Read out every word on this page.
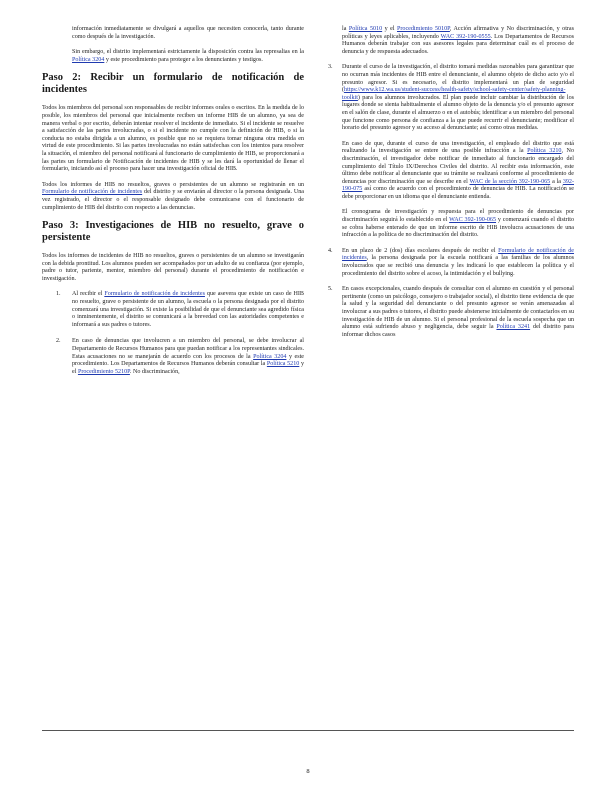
información inmediatamente se divulgará a aquellos que necesiten conocerla, tanto durante como después de la investigación.

Sin embargo, el distrito implementará estrictamente la disposición contra las represalias en la Política 3204 y este procedimiento para proteger a los denunciantes y testigos.

Paso 2: Recibir un formulario de notificación de incidentes

Todos los miembros del personal son responsables de recibir informes orales o escritos. En la medida de lo posible, los miembros del personal que inicialmente reciben un informe HIB de un alumno, ya sea de manera verbal o por escrito, deberán intentar resolver el incidente de inmediato. Si el incidente se resuelve a satisfacción de las partes involucradas, o si el incidente no cumple con la definición de HIB, o si la conducta no estaba dirigida a un alumno, es posible que no se requiera tomar ninguna otra medida en virtud de este procedimiento. Si las partes involucradas no están satisfechas con los intentos para resolver la situación, el miembro del personal notificará al funcionario de cumplimiento de HIB, se proporcionará a las partes un formulario de Notificación de incidentes de HIB y se les dará la oportunidad de llenar el formulario, iniciando así el proceso para hacer una investigación oficial de HIB.

Todos los informes de HIB no resueltos, graves o persistentes de un alumno se registrarán en un Formulario de notificación de incidentes del distrito y se enviarán al director o la persona designada. Una vez registrado, el director o el responsable designado debe comunicarse con el funcionario de cumplimiento de HIB del distrito con respecto a las denuncias.

Paso 3: Investigaciones de HIB no resuelto, grave o persistente

Todos los informes de incidentes de HIB no resueltos, graves o persistentes de un alumno se investigarán con la debida prontitud. Los alumnos pueden ser acompañados por un adulto de su confianza (por ejemplo, padre o tutor, pariente, mentor, miembro del personal) durante el procedimiento de notificación e investigación.

1. Al recibir el Formulario de notificación de incidentes que asevera que existe un caso de HIB no resuelto, grave o persistente de un alumno, la escuela o la persona designada por el distrito comenzará una investigación. Si existe la posibilidad de que el denunciante sea agredido física o inminentemente, el distrito se comunicará a la brevedad con las autoridades competentes e informará a sus padres o tutores.
2. En caso de denuncias que involucren a un miembro del personal, se debe involucrar al Departamento de Recursos Humanos para que puedan notificar a los representantes sindicales. Estas acusaciones no se manejarán de acuerdo con los procesos de la Política 3204 y este procedimiento. Los Departamentos de Recursos Humanos deberán consultar la Política 5210 y el Procedimiento 5210P. No discriminación,

la Política 5010 y el Procedimiento 5010P, Acción afirmativa y No discriminación, y otras políticas y leyes aplicables, incluyendo WAC 392-190-0555. Los Departamentos de Recursos Humanos deberán trabajar con sus asesores legales para determinar cuál es el proceso de denuncia y de respuesta adecuados.

3. Durante el curso de la investigación, el distrito tomará medidas razonables para garantizar que no ocurran más incidentes de HIB entre el denunciante, el alumno objeto de dicho acto y/o el presunto agresor. Si es necesario, el distrito implementará un plan de seguridad (https://www.k12.wa.us/student-success/health-safety/school-safety-center/safety-planning-toolkit) para los alumnos involucrados. El plan puede incluir cambiar la distribución de los lugares donde se sienta habitualmente el alumno objeto de la denuncia y/o el presunto agresor en el salón de clase, durante el almuerzo o en el autobús; identificar a un miembro del personal que funcione como persona de confianza a la que puede recurrir el denunciante; modificar el horario del presunto agresor y su acceso al denunciante; así como otras medidas.

En caso de que, durante el curso de una investigación, el empleado del distrito que está realizando la investigación se entere de una posible infracción a la Política 3210, No discriminación, el investigador debe notificar de inmediato al funcionario encargado del cumplimiento del Título IX/Derechos Civiles del distrito. Al recibir esta información, este último debe notificar al denunciante que su trámite se realizará conforme al procedimiento de denuncias por discriminación que se describe en el WAC de la sección 392-190-065 a la 392-190-075 así como de acuerdo con el procedimiento de denuncias de HIB. La notificación se debe proporcionar en un idioma que el denunciante entienda.

El cronograma de investigación y respuesta para el procedimiento de denuncias por discriminación seguirá lo establecido en el WAC 392-190-065 y comenzará cuando el distrito se cobra haberse enterado de que un informe escrito de HIB involucra acusaciones de una infracción a la política de no discriminación del distrito.

4. En un plazo de 2 (dos) días escolares después de recibir el Formulario de notificación de incidentes, la persona designada por la escuela notificará a las familias de los alumnos involucrados que se recibió una denuncia y les indicará lo que establecen la política y el procedimiento del distrito sobre el acoso, la intimidación y el bullying.
5. En casos excepcionales, cuando después de consultar con el alumno en cuestión y el personal pertinente (como un psicólogo, consejero o trabajador social), el distrito tiene evidencia de que la salud y la seguridad del denunciante o del presunto agresor se verán amenazadas al involucrar a sus padres o tutores, el distrito puede abstenerse inicialmente de contactarlos en su investigación de HIB de un alumno. Si el personal profesional de la escuela sospecha que un alumno está sufriendo abuso y negligencia, debe seguir la Política 3241 del distrito para informar dichos casos
8
